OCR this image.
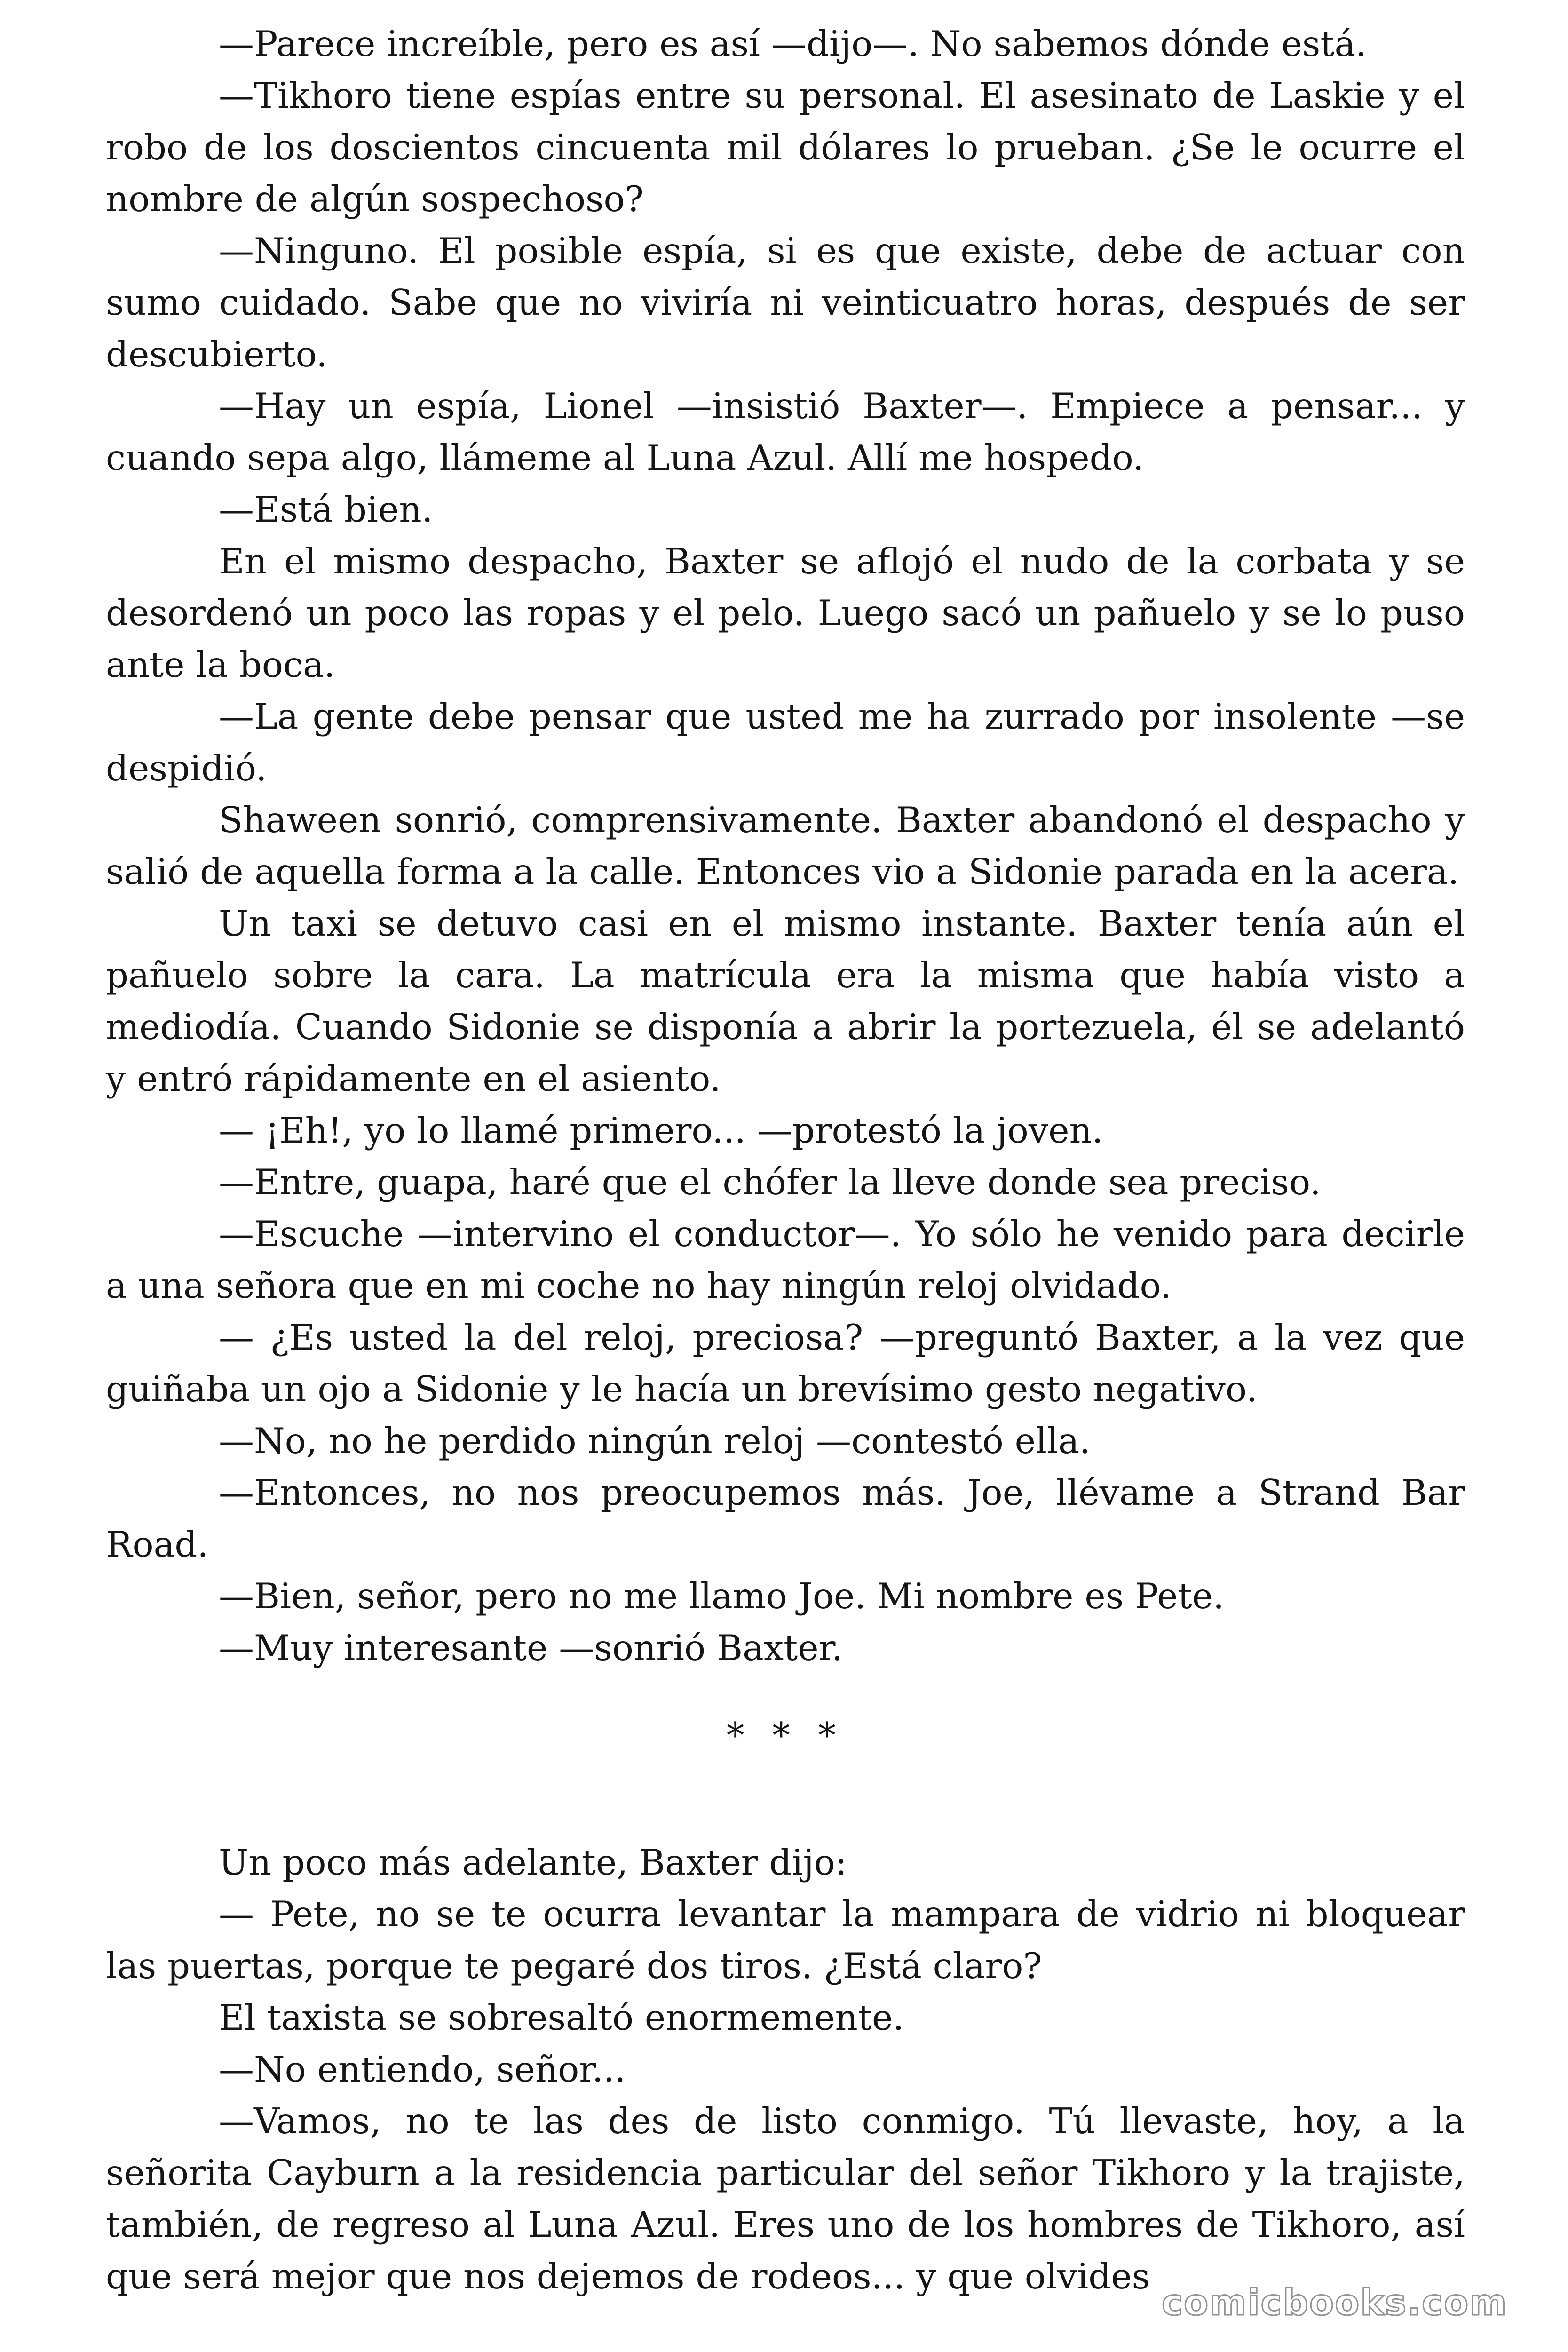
—Parece increíble, pero es así —dijo—. No sabemos dónde está.

—Tikhoro tiene espías entre su personal. El asesinato de Laskie y el robo de los doscientos cincuenta mil dólares lo prueban. ¿Se le ocurre el nombre de algún sospechoso?

—Ninguno. El posible espía, si es que existe, debe de actuar con sumo cuidado. Sabe que no viviría ni veinticuatro horas, después de ser descubierto.

—Hay un espía, Lionel —insistió Baxter—. Empiece a pensar... y cuando sepa algo, llámeme al Luna Azul. Allí me hospedo.

—Está bien.

En el mismo despacho, Baxter se aflojó el nudo de la corbata y se desordenó un poco las ropas y el pelo. Luego sacó un pañuelo y se lo puso ante la boca.

—La gente debe pensar que usted me ha zurrado por insolente —se despidió.

Shaween sonrió, comprensivamente. Baxter abandonó el despacho y salió de aquella forma a la calle. Entonces vio a Sidonie parada en la acera.

Un taxi se detuvo casi en el mismo instante. Baxter tenía aún el pañuelo sobre la cara. La matrícula era la misma que había visto a mediodía. Cuando Sidonie se disponía a abrir la portezuela, él se adelantó y entró rápidamente en el asiento.

— ¡Eh!, yo lo llamé primero... —protestó la joven.

—Entre, guapa, haré que el chófer la lleve donde sea preciso.

—Escuche —intervino el conductor—. Yo sólo he venido para decirle a una señora que en mi coche no hay ningún reloj olvidado.

— ¿Es usted la del reloj, preciosa? —preguntó Baxter, a la vez que guiñaba un ojo a Sidonie y le hacía un brevísimo gesto negativo.

—No, no he perdido ningún reloj —contestó ella.

—Entonces, no nos preocupemos más. Joe, llévame a Strand Bar Road.

—Bien, señor, pero no me llamo Joe. Mi nombre es Pete.

—Muy interesante —sonrió Baxter.

* * *

Un poco más adelante, Baxter dijo:

— Pete, no se te ocurra levantar la mampara de vidrio ni bloquear las puertas, porque te pegaré dos tiros. ¿Está claro?

El taxista se sobresaltó enormemente.

—No entiendo, señor...

—Vamos, no te las des de listo conmigo. Tú llevaste, hoy, a la señorita Cayburn a la residencia particular del señor Tikhoro y la trajiste, también, de regreso al Luna Azul. Eres uno de los hombres de Tikhoro, así que será mejor que nos dejemos de rodeos... y que olvides

comicbooks.com
